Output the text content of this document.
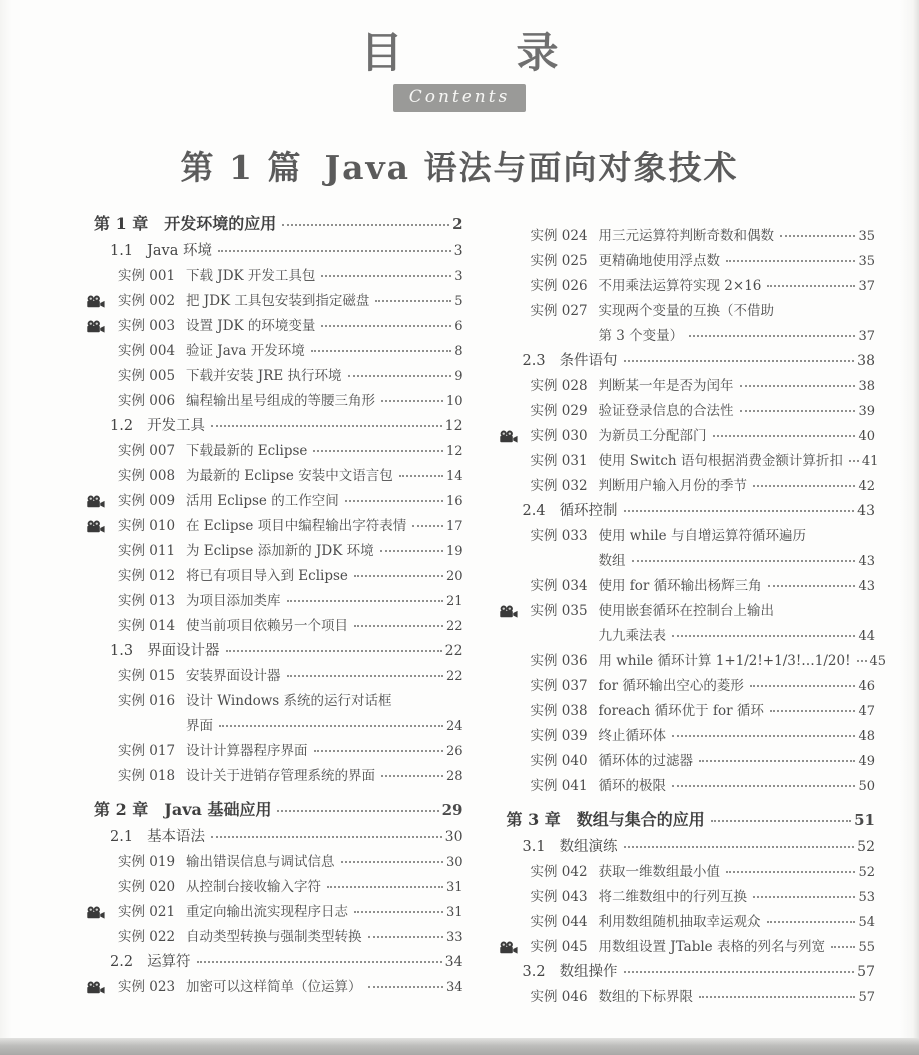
目　录
Contents
第 1 篇 Java 语法与面向对象技术
第 1 章 开发环境的应用	2
1.1 Java 环境	3
实例 001 下载 JDK 开发工具包	3
实例 002 把 JDK 工具包安装到指定磁盘	5
实例 003 设置 JDK 的环境变量	6
实例 004 验证 Java 开发环境	8
实例 005 下载并安装 JRE 执行环境	9
实例 006 编程输出星号组成的等腰三角形	10
1.2 开发工具	12
实例 007 下载最新的 Eclipse	12
实例 008 为最新的 Eclipse 安装中文语言包	14
实例 009 活用 Eclipse 的工作空间	16
实例 010 在 Eclipse 项目中编程输出字符表情	17
实例 011 为 Eclipse 添加新的 JDK 环境	19
实例 012 将已有项目导入到 Eclipse	20
实例 013 为项目添加类库	21
实例 014 使当前项目依赖另一个项目	22
1.3 界面设计器	22
实例 015 安装界面设计器	22
实例 016 设计 Windows 系统的运行对话框
界面	24
实例 017 设计计算器程序界面	26
实例 018 设计关于进销存管理系统的界面	28
第 2 章 Java 基础应用	29
2.1 基本语法	30
实例 019 输出错误信息与调试信息	30
实例 020 从控制台接收输入字符	31
实例 021 重定向输出流实现程序日志	31
实例 022 自动类型转换与强制类型转换	33
2.2 运算符	34
实例 023 加密可以这样简单（位运算）	34
实例 024 用三元运算符判断奇数和偶数	35
实例 025 更精确地使用浮点数	35
实例 026 不用乘法运算符实现 2×16	37
实例 027 实现两个变量的互换（不借助
第 3 个变量）	37
2.3 条件语句	38
实例 028 判断某一年是否为闰年	38
实例 029 验证登录信息的合法性	39
实例 030 为新员工分配部门	40
实例 031 使用 Switch 语句根据消费金额计算折扣 41
实例 032 判断用户输入月份的季节	42
2.4 循环控制	43
实例 033 使用 while 与自增运算符循环遍历
数组	43
实例 034 使用 for 循环输出杨辉三角	43
实例 035 使用嵌套循环在控制台上输出
九九乘法表	44
实例 036 用 while 循环计算 1+1/2!+1/3!…1/20! 45
实例 037 for 循环输出空心的菱形	46
实例 038 foreach 循环优于 for 循环	47
实例 039 终止循环体	48
实例 040 循环体的过滤器	49
实例 041 循环的极限	50
第 3 章 数组与集合的应用	51
3.1 数组演练	52
实例 042 获取一维数组最小值	52
实例 043 将二维数组中的行列互换	53
实例 044 利用数组随机抽取幸运观众	54
实例 045 用数组设置 JTable 表格的列名与列宽	55
3.2 数组操作	57
实例 046 数组的下标界限	57
